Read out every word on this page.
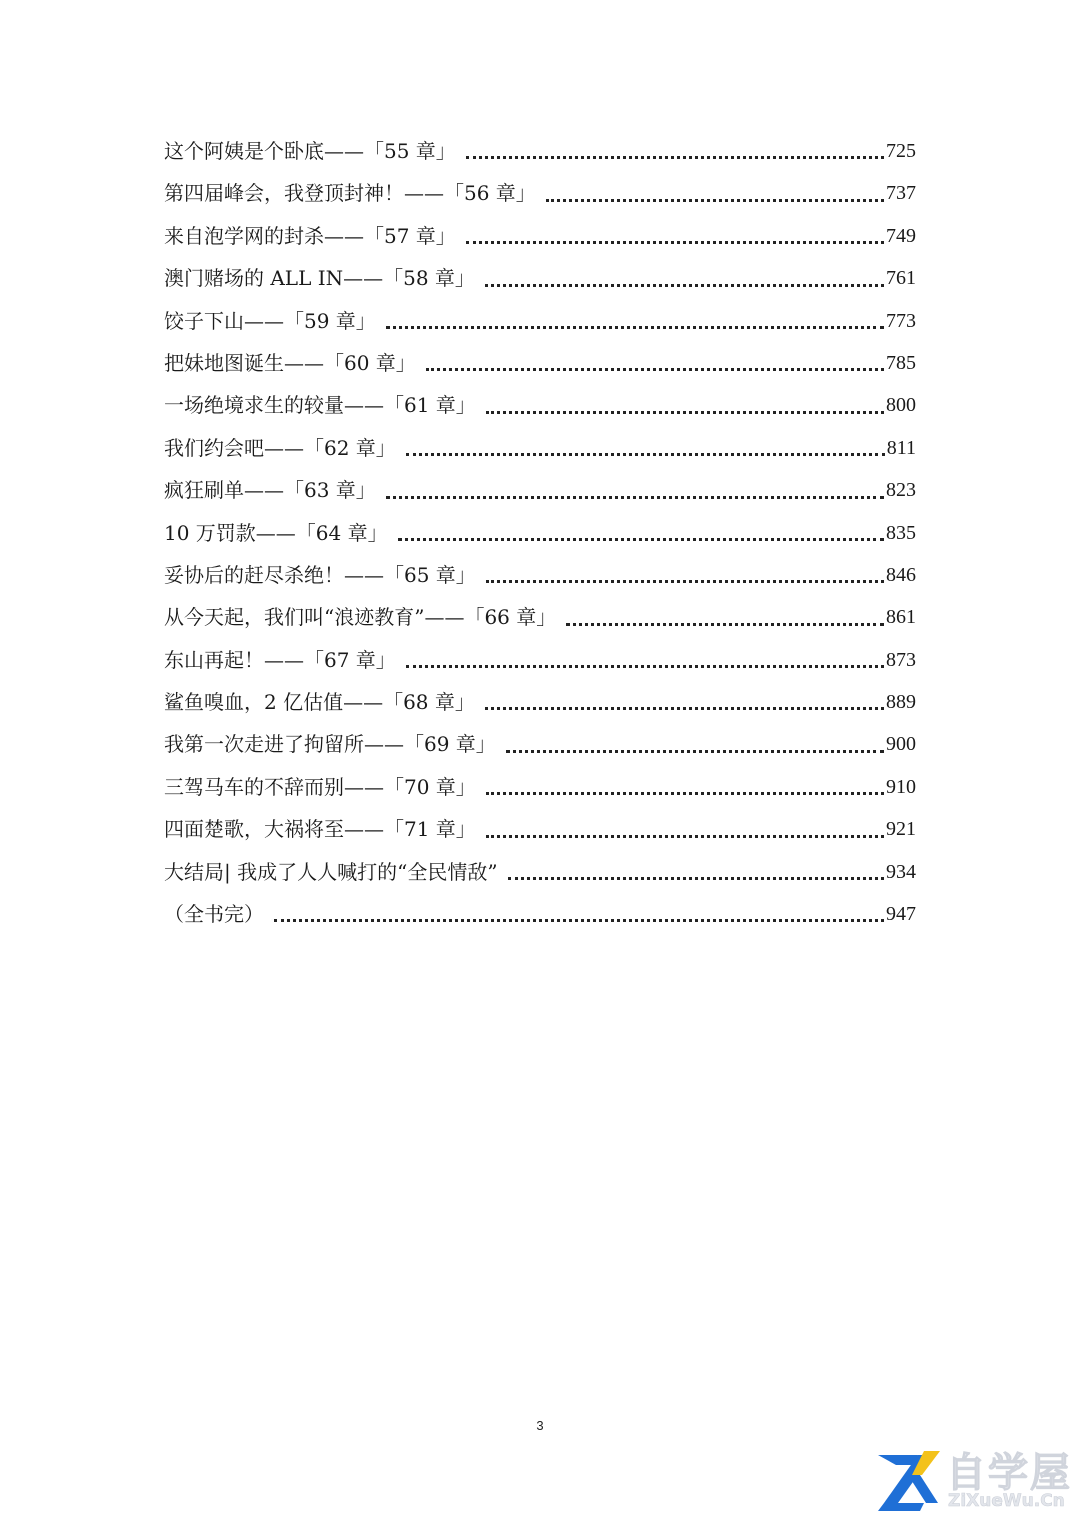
这个阿姨是个卧底——「55 章」	725
第四届峰会，我登顶封神！——「56 章」	737
来自泡学网的封杀——「57 章」	749
澳门赌场的 ALL IN——「58 章」	761
饺子下山——「59 章」	773
把妹地图诞生——「60 章」	785
一场绝境求生的较量——「61 章」	800
我们约会吧——「62 章」	811
疯狂刷单——「63 章」	823
10 万罚款——「64 章」	835
妥协后的赶尽杀绝！——「65 章」	846
从今天起，我们叫“浪迹教育”——「66 章」	861
东山再起！——「67 章」	873
鲨鱼嗅血，2 亿估值——「68 章」	889
我第一次走进了拘留所——「69 章」	900
三驾马车的不辞而别——「70 章」	910
四面楚歌，大祸将至——「71 章」	921
大结局| 我成了人人喊打的“全民情敌”	934
（全书完）	947
3
自学屋
ZiXueWu.Cn
